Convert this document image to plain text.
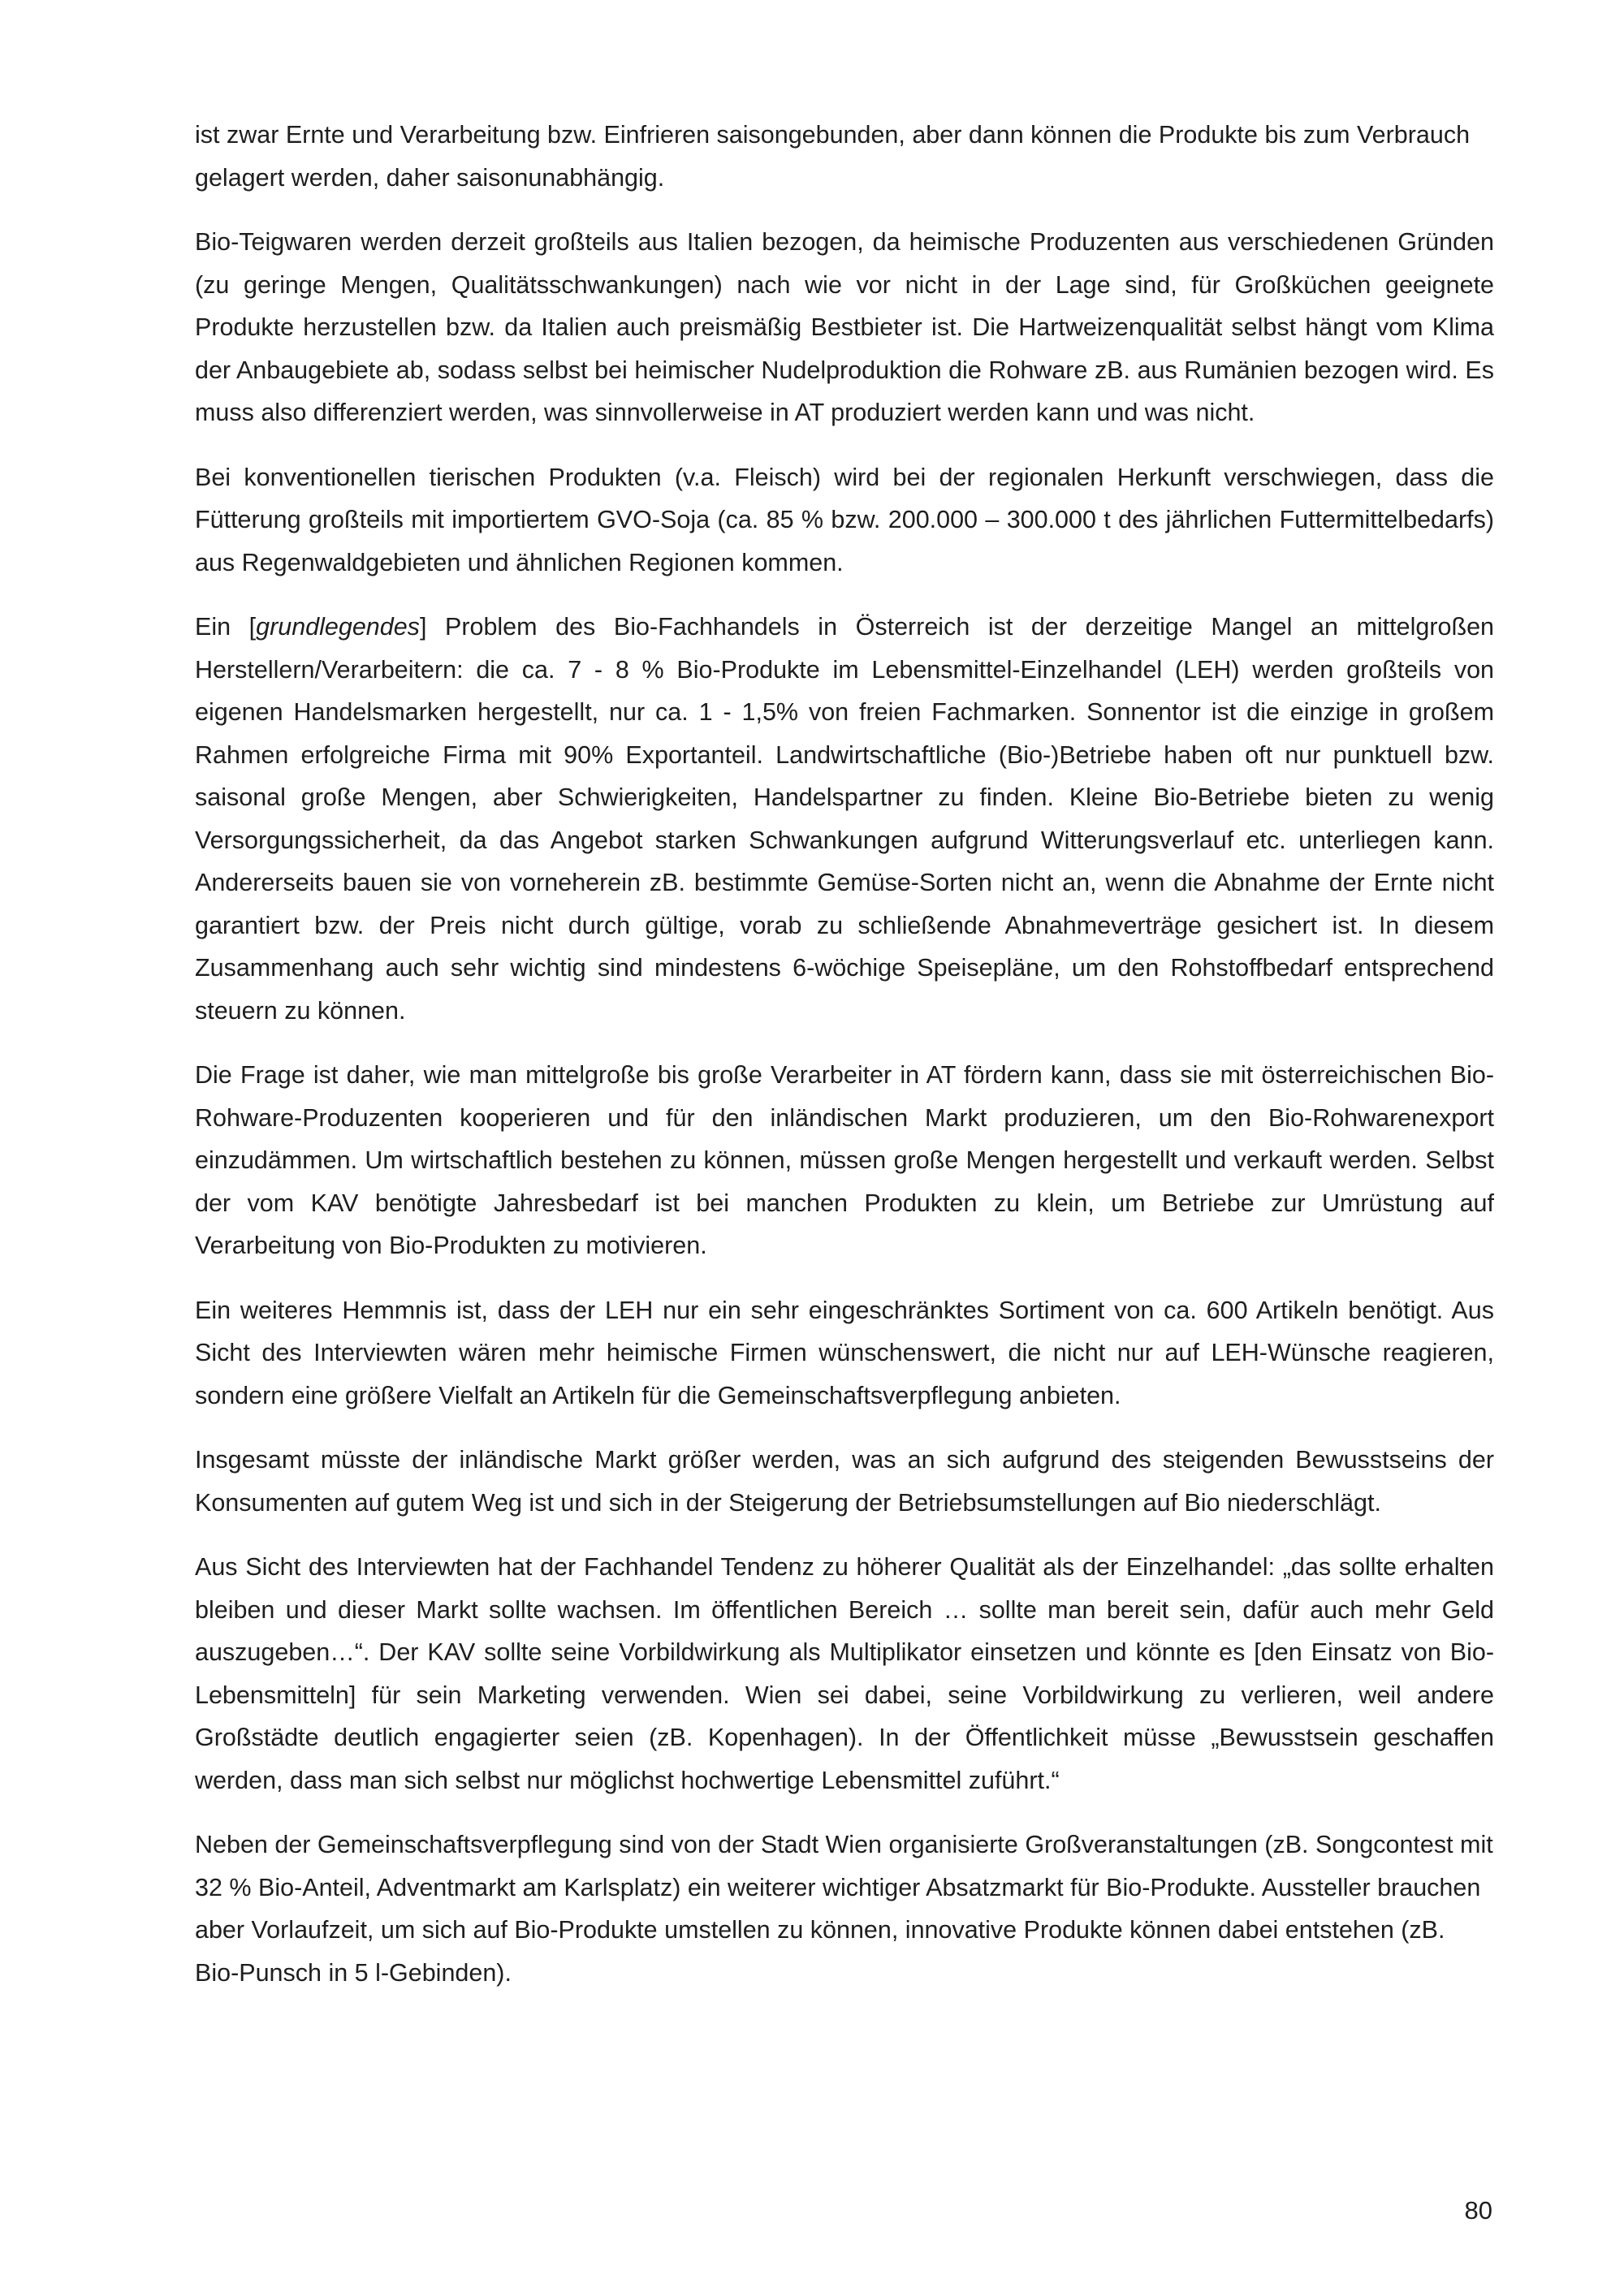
ist zwar Ernte und Verarbeitung bzw. Einfrieren saisongebunden, aber dann können die Produkte bis zum Verbrauch gelagert werden, daher saisonunabhängig.

Bio-Teigwaren werden derzeit großteils aus Italien bezogen, da heimische Produzenten aus verschiedenen Gründen (zu geringe Mengen, Qualitätsschwankungen) nach wie vor nicht in der Lage sind, für Großküchen geeignete Produkte herzustellen bzw. da Italien auch preismäßig Bestbieter ist. Die Hartweizenqualität selbst hängt vom Klima der Anbaugebiete ab, sodass selbst bei heimischer Nudelproduktion die Rohware zB. aus Rumänien bezogen wird. Es muss also differenziert werden, was sinnvollerweise in AT produziert werden kann und was nicht.

Bei konventionellen tierischen Produkten (v.a. Fleisch) wird bei der regionalen Herkunft verschwiegen, dass die Fütterung großteils mit importiertem GVO-Soja (ca. 85 % bzw. 200.000 – 300.000 t des jährlichen Futtermittelbedarfs) aus Regenwaldgebieten und ähnlichen Regionen kommen.

Ein [grundlegendes] Problem des Bio-Fachhandels in Österreich ist der derzeitige Mangel an mittelgroßen Herstellern/Verarbeitern: die ca. 7 - 8 % Bio-Produkte im Lebensmittel-Einzelhandel (LEH) werden großteils von eigenen Handelsmarken hergestellt, nur ca. 1 - 1,5% von freien Fachmarken. Sonnentor ist die einzige in großem Rahmen erfolgreiche Firma mit 90% Exportanteil. Landwirtschaftliche (Bio-)Betriebe haben oft nur punktuell bzw. saisonal große Mengen, aber Schwierigkeiten, Handelspartner zu finden. Kleine Bio-Betriebe bieten zu wenig Versorgungssicherheit, da das Angebot starken Schwankungen aufgrund Witterungsverlauf etc. unterliegen kann. Andererseits bauen sie von vorneherein zB. bestimmte Gemüse-Sorten nicht an, wenn die Abnahme der Ernte nicht garantiert bzw. der Preis nicht durch gültige, vorab zu schließende Abnahmeverträge gesichert ist. In diesem Zusammenhang auch sehr wichtig sind mindestens 6-wöchige Speisepläne, um den Rohstoffbedarf entsprechend steuern zu können.

Die Frage ist daher, wie man mittelgroße bis große Verarbeiter in AT fördern kann, dass sie mit österreichischen Bio-Rohware-Produzenten kooperieren und für den inländischen Markt produzieren, um den Bio-Rohwarenexport einzudämmen. Um wirtschaftlich bestehen zu können, müssen große Mengen hergestellt und verkauft werden. Selbst der vom KAV benötigte Jahresbedarf ist bei manchen Produkten zu klein, um Betriebe zur Umrüstung auf Verarbeitung von Bio-Produkten zu motivieren.

Ein weiteres Hemmnis ist, dass der LEH nur ein sehr eingeschränktes Sortiment von ca. 600 Artikeln benötigt. Aus Sicht des Interviewten wären mehr heimische Firmen wünschenswert, die nicht nur auf LEH-Wünsche reagieren, sondern eine größere Vielfalt an Artikeln für die Gemeinschaftsverpflegung anbieten.

Insgesamt müsste der inländische Markt größer werden, was an sich aufgrund des steigenden Bewusstseins der Konsumenten auf gutem Weg ist und sich in der Steigerung der Betriebsumstellungen auf Bio niederschlägt.

Aus Sicht des Interviewten hat der Fachhandel Tendenz zu höherer Qualität als der Einzelhandel: „das sollte erhalten bleiben und dieser Markt sollte wachsen. Im öffentlichen Bereich … sollte man bereit sein, dafür auch mehr Geld auszugeben…“. Der KAV sollte seine Vorbildwirkung als Multiplikator einsetzen und könnte es [den Einsatz von Bio-Lebensmitteln] für sein Marketing verwenden. Wien sei dabei, seine Vorbildwirkung zu verlieren, weil andere Großstädte deutlich engagierter seien (zB. Kopenhagen). In der Öffentlichkeit müsse „Bewusstsein geschaffen werden, dass man sich selbst nur möglichst hochwertige Lebensmittel zuführt.“

Neben der Gemeinschaftsverpflegung sind von der Stadt Wien organisierte Großveranstaltungen (zB. Songcontest mit 32 % Bio-Anteil, Adventmarkt am Karlsplatz) ein weiterer wichtiger Absatzmarkt für Bio-Produkte. Aussteller brauchen aber Vorlaufzeit, um sich auf Bio-Produkte umstellen zu können, innovative Produkte können dabei entstehen (zB. Bio-Punsch in 5 l-Gebinden).

80
